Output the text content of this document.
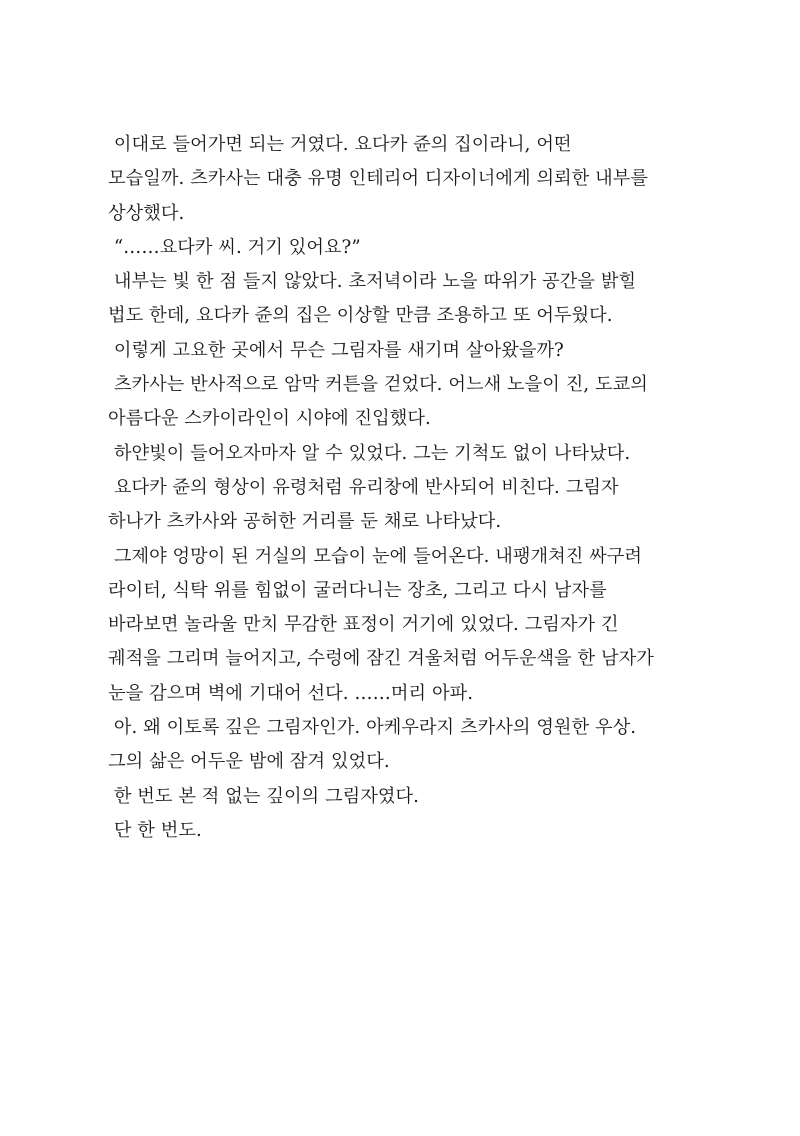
이대로 들어가면 되는 거였다. 요다카 쥰의 집이라니, 어떤
모습일까. 츠카사는 대충 유명 인테리어 디자이너에게 의뢰한 내부를
상상했다.
“……요다카 씨. 거기 있어요?”
내부는 빛 한 점 들지 않았다. 초저녁이라 노을 따위가 공간을 밝힐
법도 한데, 요다카 쥰의 집은 이상할 만큼 조용하고 또 어두웠다.
이렇게 고요한 곳에서 무슨 그림자를 새기며 살아왔을까?
츠카사는 반사적으로 암막 커튼을 걷었다. 어느새 노을이 진, 도쿄의
아름다운 스카이라인이 시야에 진입했다.
하얀빛이 들어오자마자 알 수 있었다. 그는 기척도 없이 나타났다.
요다카 쥰의 형상이 유령처럼 유리창에 반사되어 비친다. 그림자
하나가 츠카사와 공허한 거리를 둔 채로 나타났다.
그제야 엉망이 된 거실의 모습이 눈에 들어온다. 내팽개쳐진 싸구려
라이터, 식탁 위를 힘없이 굴러다니는 장초, 그리고 다시 남자를
바라보면 놀라울 만치 무감한 표정이 거기에 있었다. 그림자가 긴
궤적을 그리며 늘어지고, 수렁에 잠긴 겨울처럼 어두운색을 한 남자가
눈을 감으며 벽에 기대어 선다. ……머리 아파.
아. 왜 이토록 깊은 그림자인가. 아케우라지 츠카사의 영원한 우상.
그의 삶은 어두운 밤에 잠겨 있었다.
한 번도 본 적 없는 깊이의 그림자였다.
단 한 번도.
